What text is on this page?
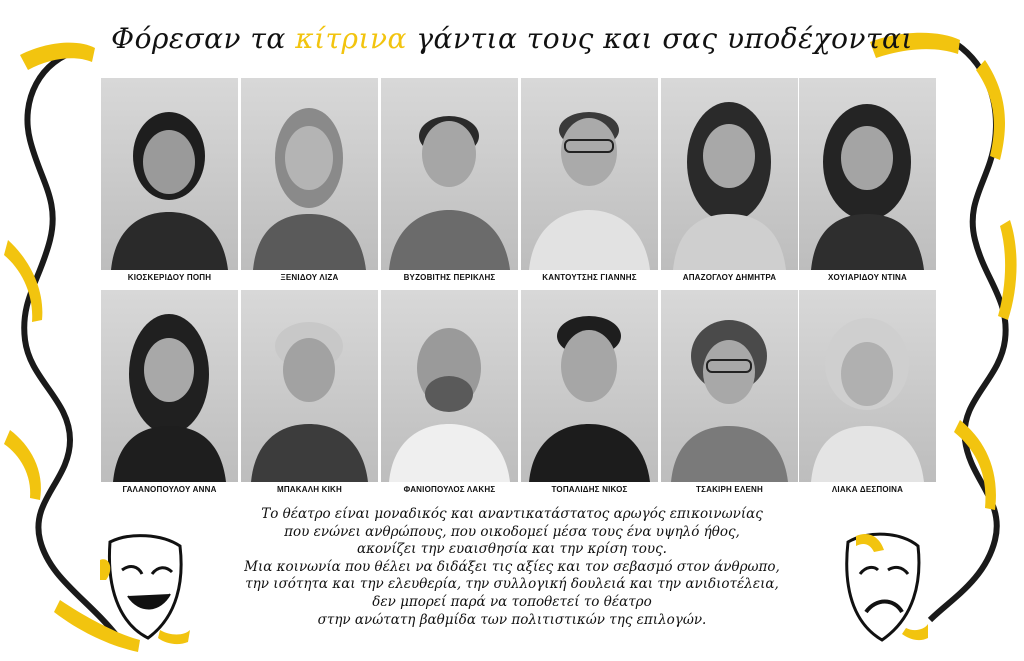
Φόρεσαν τα κίτρινα γάντια τους και σας υποδέχονται
ΚΙΟΣΚΕΡΙΔΟΥ ΠΟΠΗ	ΞΕΝΙΔΟΥ ΛΙΖΑ	ΒΥΖΟΒΙΤΗΣ ΠΕΡΙΚΛΗΣ	ΚΑΝΤΟΥΤΣΗΣ ΓΙΑΝΝΗΣ	ΑΠΑΖΟΓΛΟΥ ΔΗΜΗΤΡΑ	ΧΟΥΙΑΡΙΔΟΥ ΝΤΙΝΑ
ΓΑΛΑΝΟΠΟΥΛΟΥ ΑΝΝΑ	ΜΠΑΚΑΛΗ ΚΙΚΗ	ΦΑΝΙΟΠΟΥΛΟΣ ΛΑΚΗΣ	ΤΟΠΑΛΙΔΗΣ ΝΙΚΟΣ	ΤΣΑΚΙΡΗ ΕΛΕΝΗ	ΛΙΑΚΑ ΔΕΣΠΟΙΝΑ
Το θέατρο είναι μοναδικός και αναντικατάστατος αρωγός επικοινωνίας
που ενώνει ανθρώπους, που οικοδομεί μέσα τους ένα υψηλό ήθος,
ακονίζει την ευαισθησία και την κρίση τους.
Μια κοινωνία που θέλει να διδάξει τις αξίες και τον σεβασμό στον άνθρωπο,
την ισότητα και την ελευθερία, την συλλογική δουλειά και την ανιδιοτέλεια,
δεν μπορεί παρά να τοποθετεί το θέατρο
στην ανώτατη βαθμίδα των πολιτιστικών της επιλογών.
